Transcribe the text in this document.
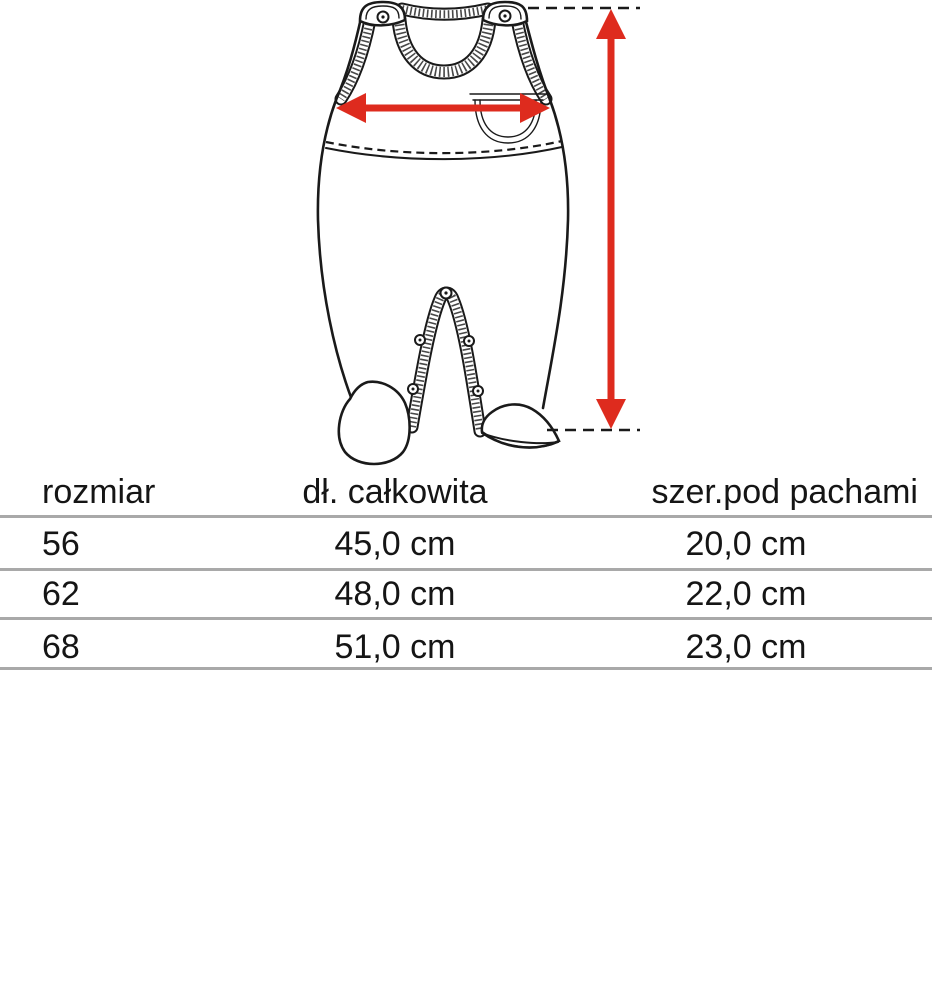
rozmiar	dł. całkowita	szer.pod pachami
56	45,0 cm	20,0 cm
62	48,0 cm	22,0 cm
68	51,0 cm	23,0 cm
